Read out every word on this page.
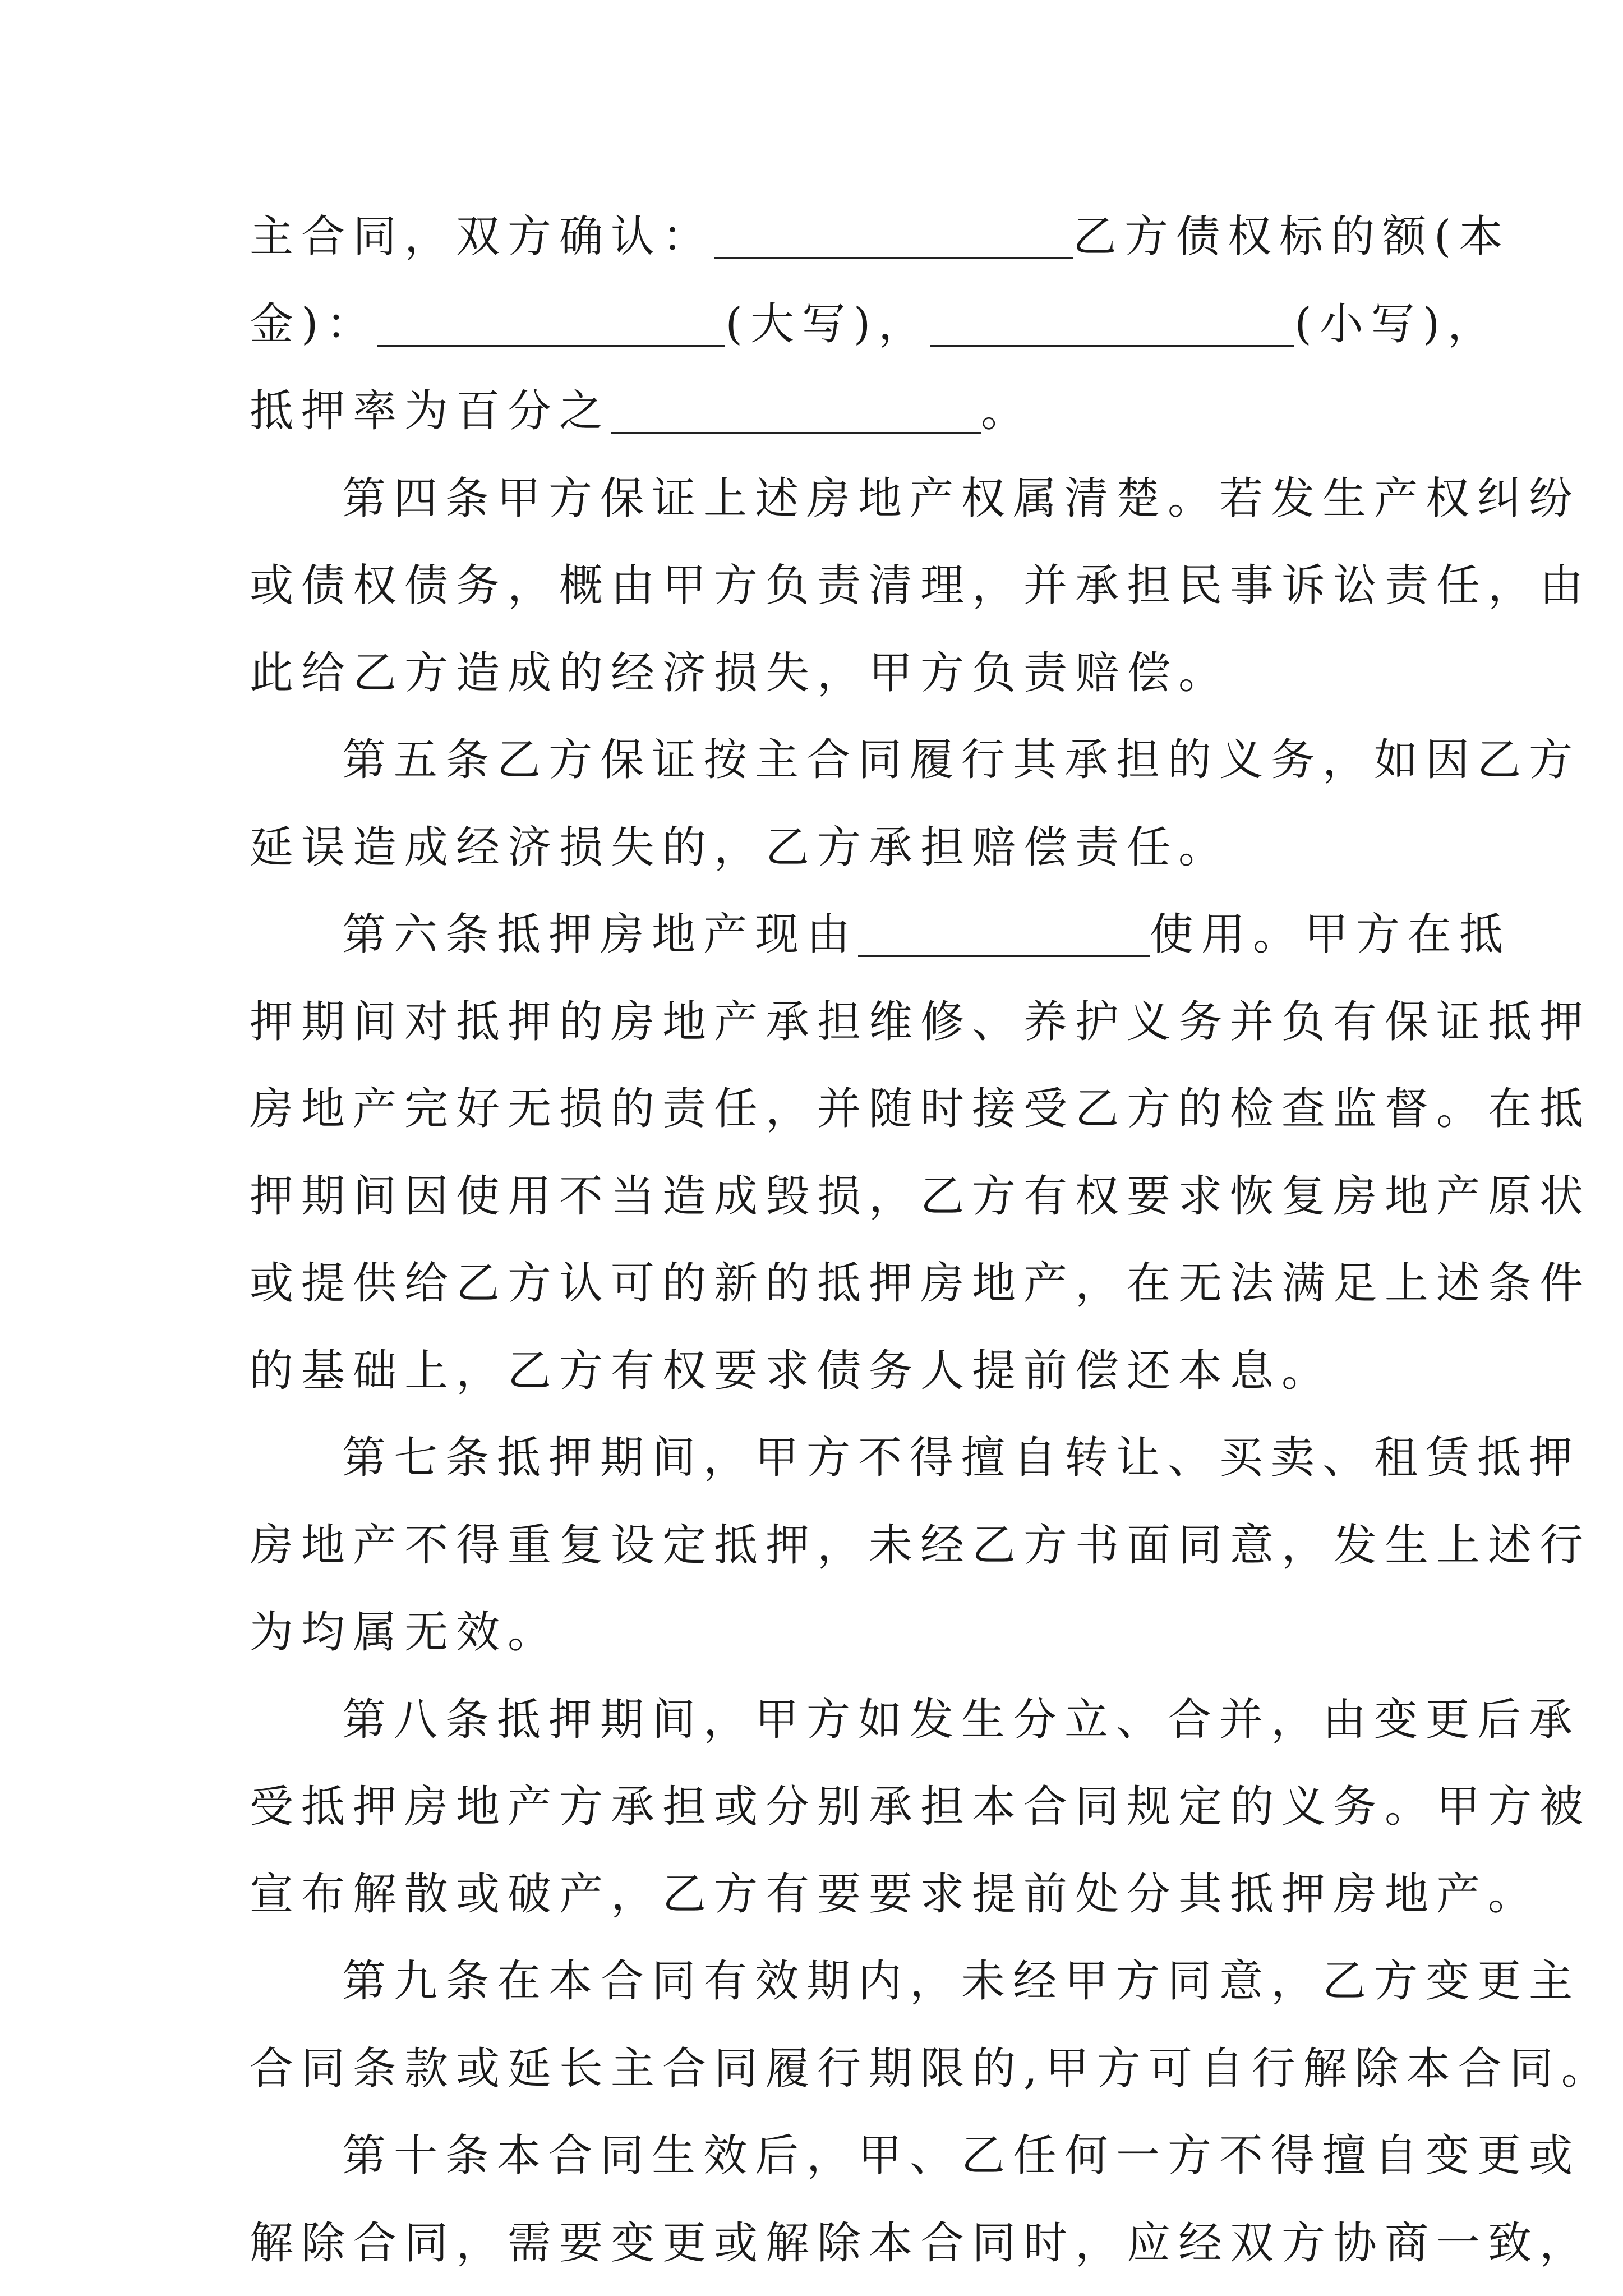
主合同，双方确认：	乙方债权标的额(本
金)：	(大写)，	(小写)，
抵押率为百分之	。
第四条甲方保证上述房地产权属清楚。若发生产权纠纷
或债权债务，概由甲方负责清理，并承担民事诉讼责任，由
此给乙方造成的经济损失，甲方负责赔偿。
第五条乙方保证按主合同履行其承担的义务，如因乙方
延误造成经济损失的，乙方承担赔偿责任。
第六条抵押房地产现由	使用。甲方在抵
押期间对抵押的房地产承担维修、养护义务并负有保证抵押
房地产完好无损的责任，并随时接受乙方的检查监督。在抵
押期间因使用不当造成毁损，乙方有权要求恢复房地产原状
或提供给乙方认可的新的抵押房地产，在无法满足上述条件
的基础上，乙方有权要求债务人提前偿还本息。
第七条抵押期间，甲方不得擅自转让、买卖、租赁抵押
房地产不得重复设定抵押，未经乙方书面同意，发生上述行
为均属无效。
第八条抵押期间，甲方如发生分立、合并，由变更后承
受抵押房地产方承担或分别承担本合同规定的义务。甲方被
宣布解散或破产，乙方有要要求提前处分其抵押房地产。
第九条在本合同有效期内，未经甲方同意，乙方变更主
合同条款或延长主合同履行期限的,甲方可自行解除本合同。
第十条本合同生效后，甲、乙任何一方不得擅自变更或
解除合同，需要变更或解除本合同时，应经双方协商一致，
